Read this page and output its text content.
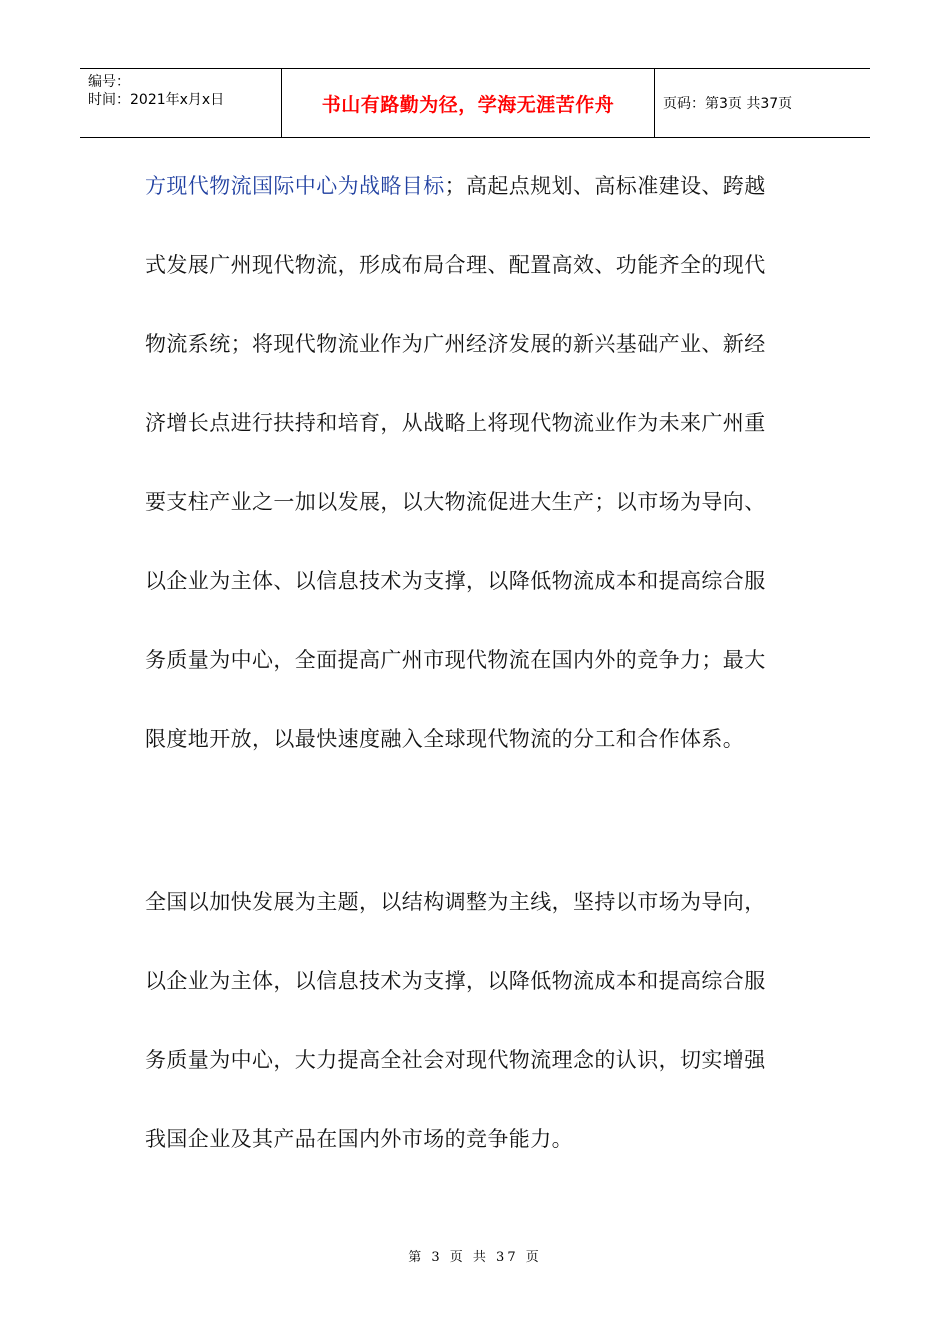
编号：
时间：2021年x月x日	书山有路勤为径，学海无涯苦作舟	页码：第3页 共37页
方现代物流国际中心为战略目标；高起点规划、高标准建设、跨越
式发展广州现代物流，形成布局合理、配置高效、功能齐全的现代
物流系统；将现代物流业作为广州经济发展的新兴基础产业、新经
济增长点进行扶持和培育，从战略上将现代物流业作为未来广州重
要支柱产业之一加以发展，以大物流促进大生产；以市场为导向、
以企业为主体、以信息技术为支撑，以降低物流成本和提高综合服
务质量为中心，全面提高广州市现代物流在国内外的竞争力；最大
限度地开放，以最快速度融入全球现代物流的分工和合作体系。
全国以加快发展为主题，以结构调整为主线，坚持以市场为导向，
以企业为主体，以信息技术为支撑，以降低物流成本和提高综合服
务质量为中心，大力提高全社会对现代物流理念的认识，切实增强
我国企业及其产品在国内外市场的竞争能力。
第 3 页 共 37 页
